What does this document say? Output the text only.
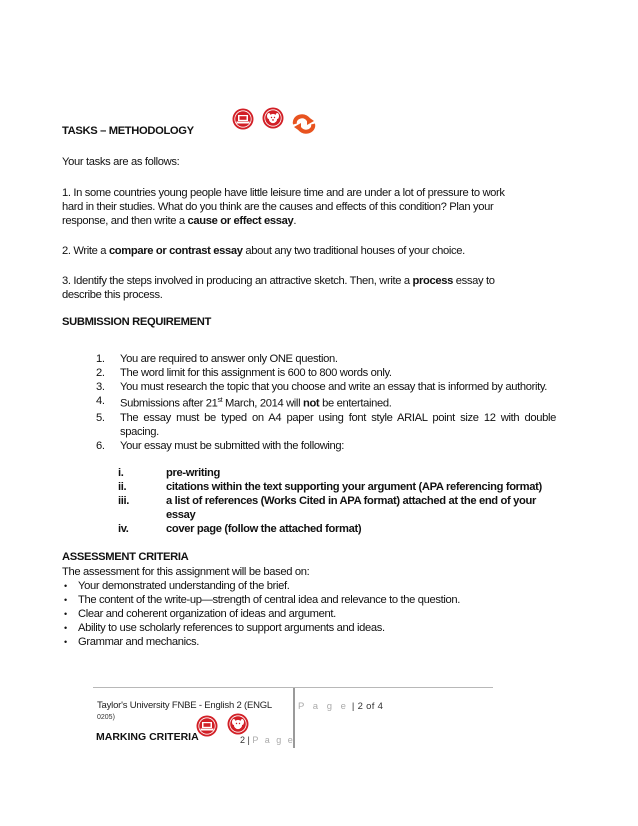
TASKS – METHODOLOGY
Your tasks are as follows:
1. In some countries young people have little leisure time and are under a lot of pressure to work hard in their studies. What do you think are the causes and effects of this condition? Plan your response, and then write a cause or effect essay.
2. Write a compare or contrast essay about any two traditional houses of your choice.
3. Identify the steps involved in producing an attractive sketch. Then, write a process essay to describe this process.
SUBMISSION REQUIREMENT
1. You are required to answer only ONE question.
2. The word limit for this assignment is 600 to 800 words only.
3. You must research the topic that you choose and write an essay that is informed by authority.
4. Submissions after 21st March, 2014 will not be entertained.
5. The essay must be typed on A4 paper using font style ARIAL point size 12 with double spacing.
6. Your essay must be submitted with the following:
i.	pre-writing
ii.	citations within the text supporting your argument (APA referencing format)
iii.	a list of references (Works Cited in APA format) attached at the end of your essay
iv.	cover page (follow the attached format)
ASSESSMENT CRITERIA
The assessment for this assignment will be based on:
• Your demonstrated understanding of the brief.
• The content of the write-up—strength of central idea and relevance to the question.
• Clear and coherent organization of ideas and argument.
• Ability to use scholarly references to support arguments and ideas.
• Grammar and mechanics.
Taylor's University FNBE - English 2 (ENGL
0205)
P a g e | 2 of 4
MARKING CRITERIA	2 | P a g e
